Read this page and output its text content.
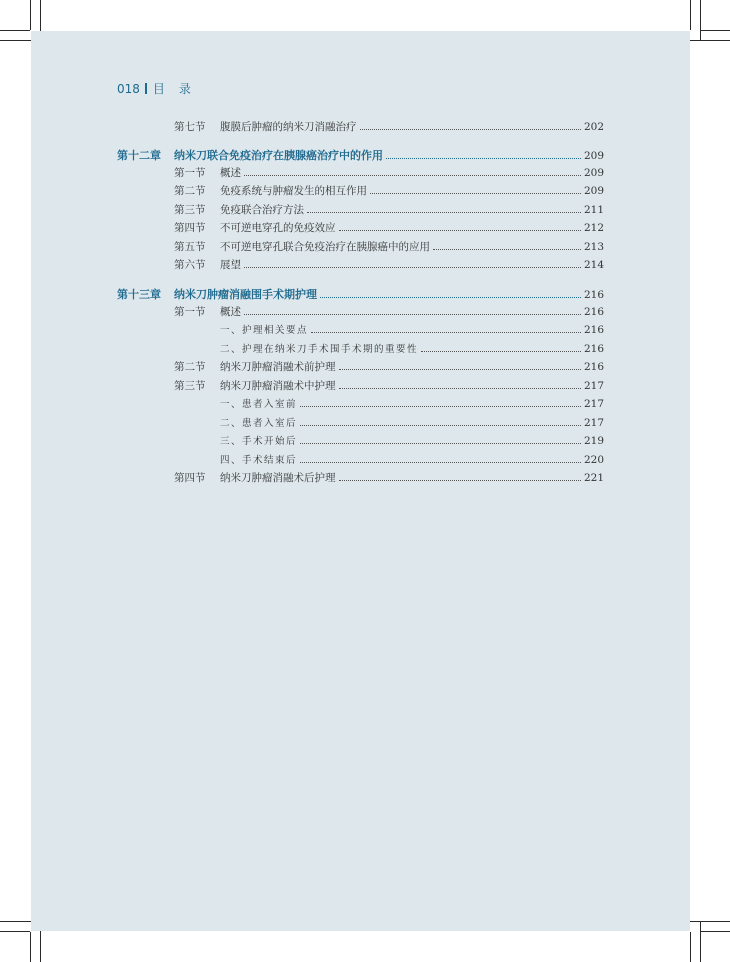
018 目录
第七节	腹膜后肿瘤的纳米刀消融治疗	202
第十二章	纳米刀联合免疫治疗在胰腺癌治疗中的作用	209
第一节	概述	209
第二节	免疫系统与肿瘤发生的相互作用	209
第三节	免疫联合治疗方法	211
第四节	不可逆电穿孔的免疫效应	212
第五节	不可逆电穿孔联合免疫治疗在胰腺癌中的应用	213
第六节	展望	214
第十三章	纳米刀肿瘤消融围手术期护理	216
第一节	概述	216
一、护理相关要点	216
二、护理在纳米刀手术围手术期的重要性	216
第二节	纳米刀肿瘤消融术前护理	216
第三节	纳米刀肿瘤消融术中护理	217
一、患者入室前	217
二、患者入室后	217
三、手术开始后	219
四、手术结束后	220
第四节	纳米刀肿瘤消融术后护理	221
